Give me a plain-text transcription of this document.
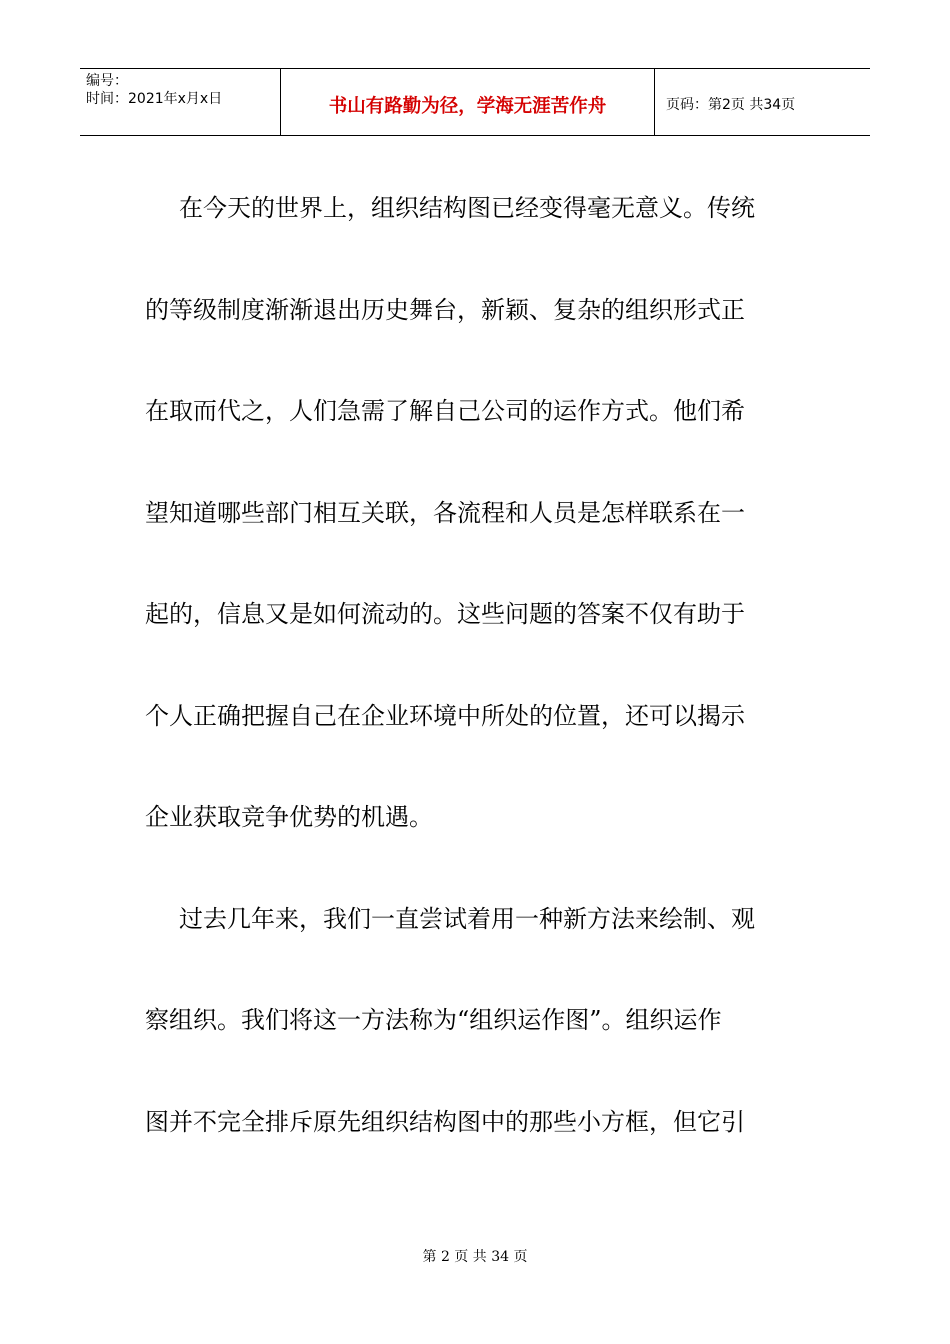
编号：
时间：2021年x月x日	书山有路勤为径，学海无涯苦作舟	页码：第2页 共34页
在今天的世界上，组织结构图已经变得毫无意义。传统
的等级制度渐渐退出历史舞台，新颖、复杂的组织形式正
在取而代之，人们急需了解自己公司的运作方式。他们希
望知道哪些部门相互关联，各流程和人员是怎样联系在一
起的，信息又是如何流动的。这些问题的答案不仅有助于
个人正确把握自己在企业环境中所处的位置，还可以揭示
企业获取竞争优势的机遇。
过去几年来，我们一直尝试着用一种新方法来绘制、观
察组织。我们将这一方法称为“组织运作图”。组织运作
图并不完全排斥原先组织结构图中的那些小方框，但它引
第 2 页 共 34 页
